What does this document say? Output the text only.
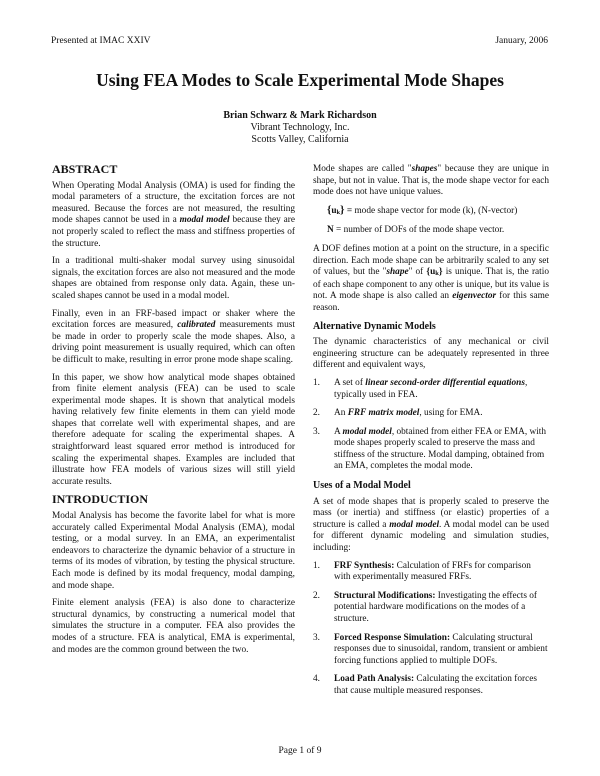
Presented at IMAC XXIV	January, 2006
Using FEA Modes to Scale Experimental Mode Shapes
Brian Schwarz & Mark Richardson
Vibrant Technology, Inc.
Scotts Valley, California
ABSTRACT

When Operating Modal Analysis (OMA) is used for finding the modal parameters of a structure, the excitation forces are not measured. Because the forces are not measured, the resulting mode shapes cannot be used in a modal model because they are not properly scaled to reflect the mass and stiffness properties of the structure.

In a traditional multi-shaker modal survey using sinusoidal signals, the excitation forces are also not measured and the mode shapes are obtained from response only data. Again, these un-scaled shapes cannot be used in a modal model.

Finally, even in an FRF-based impact or shaker where the excitation forces are measured, calibrated measurements must be made in order to properly scale the mode shapes. Also, a driving point measurement is usually required, which can often be difficult to make, resulting in error prone mode shape scaling.

In this paper, we show how analytical mode shapes obtained from finite element analysis (FEA) can be used to scale experimental mode shapes. It is shown that analytical models having relatively few finite elements in them can yield mode shapes that correlate well with experimental shapes, and are therefore adequate for scaling the experimental shapes. A straightforward least squared error method is introduced for scaling the experimental shapes. Examples are included that illustrate how FEA models of various sizes will still yield accurate results.

INTRODUCTION

Modal Analysis has become the favorite label for what is more accurately called Experimental Modal Analysis (EMA), modal testing, or a modal survey. In an EMA, an experimentalist endeavors to characterize the dynamic behavior of a structure in terms of its modes of vibration, by testing the physical structure. Each mode is defined by its modal frequency, modal damping, and mode shape.

Finite element analysis (FEA) is also done to characterize structural dynamics, by constructing a numerical model that simulates the structure in a computer. FEA also provides the modes of a structure. FEA is analytical, EMA is experimental, and modes are the common ground between the two.

Mode shapes are called "shapes" because they are unique in shape, but not in value. That is, the mode shape vector for each mode does not have unique values.

{uk} = mode shape vector for mode (k), (N-vector)
N = number of DOFs of the mode shape vector.

A DOF defines motion at a point on the structure, in a specific direction. Each mode shape can be arbitrarily scaled to any set of values, but the "shape" of {uk} is unique. That is, the ratio of each shape component to any other is unique, but its value is not. A mode shape is also called an eigenvector for this same reason.

Alternative Dynamic Models

The dynamic characteristics of any mechanical or civil engineering structure can be adequately represented in three different and equivalent ways,

1. A set of linear second-order differential equations, typically used in FEA.
2. An FRF matrix model, using for EMA.
3. A modal model, obtained from either FEA or EMA, with mode shapes properly scaled to preserve the mass and stiffness of the structure. Modal damping, obtained from an EMA, completes the modal mode.
Uses of a Modal Model

A set of mode shapes that is properly scaled to preserve the mass (or inertia) and stiffness (or elastic) properties of a structure is called a modal model. A modal model can be used for different dynamic modeling and simulation studies, including:

1. FRF Synthesis: Calculation of FRFs for comparison with experimentally measured FRFs.
2. Structural Modifications: Investigating the effects of potential hardware modifications on the modes of a structure.
3. Forced Response Simulation: Calculating structural responses due to sinusoidal, random, transient or ambient forcing functions applied to multiple DOFs.
4. Load Path Analysis: Calculating the excitation forces that cause multiple measured responses.
Page 1 of 9
